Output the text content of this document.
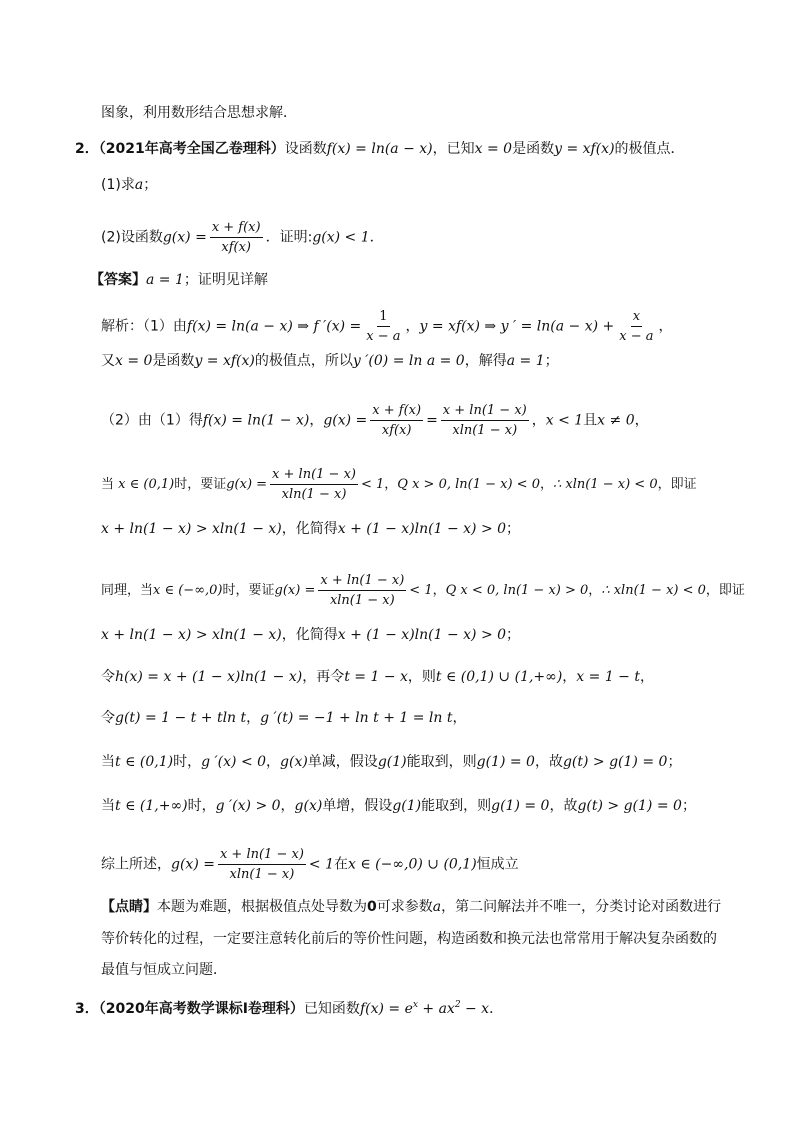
图象，利用数形结合思想求解．
2．（2021年高考全国乙卷理科）设函数f(x) = ln(a − x)，已知x = 0是函数y = xf(x)的极值点．
(1)求a；
(2)设函数$g(x) = \frac{x + f(x)}{xf(x)}$ ．证明:g(x) < 1．
【答案】a = 1；证明见详解
解析：（1）由f(x) = ln(a − x) ⇒ f $'(x) = \frac{1}{x - a}$ ，y = xf(x) ⇒ y ′ = $\ln(a - x) + \frac{x}{x - a}$ ，
又x = 0是函数y = xf(x)的极值点，所以y ′(0) = ln a = 0，解得a = 1；
（2）由（1）得f(x) = ln(1 − x)，$g(x) = \frac{x + f(x)}{xf(x)} = \frac{x + \ln(1 - x)}{xln(1 - x)}$ ，x < 1且x ≠ 0，
当 x ∈ (0,1)时，要证$g(x) = \frac{x + \ln(1 - x)}{xln(1 - x)} < 1$，Q x > 0, ln(1 − x) < 0，∴ xln(1 − x) < 0，即证
x + ln(1 − x) > xln(1 − x)，化简得x + (1 − x)ln(1 − x) > 0；
同理，当x ∈ (−∞,0)时，要证$g(x) = \frac{x + \ln(1 - x)}{xln(1 - x)} < 1$，Q x < 0, ln(1 − x) > 0，∴ xln(1 − x) < 0，即证
x + ln(1 − x) > xln(1 − x)，化简得x + (1 − x)ln(1 − x) > 0；
令h(x) = x + (1 − x)ln(1 − x)，再令t = 1 − x，则t ∈ (0,1) ∪ (1,+∞)，x = 1 − t，
令g(t) = 1 − t + tln t，g ′(t) = −1 + ln t + 1 = ln t，
当t ∈ (0,1)时，g ′(x) < 0，g(x)单减，假设g(1)能取到，则g(1) = 0，故g(t) > g(1) = 0；
当t ∈ (1,+∞)时，g ′(x) > 0，g(x)单增，假设g(1)能取到，则g(1) = 0，故g(t) > g(1) = 0；
综上所述，$g(x) = \frac{x + \ln(1 - x)}{xln(1 - x)} < 1$在x ∈ (−∞,0) ∪ (0,1)恒成立
【点睛】本题为难题，根据极值点处导数为0可求参数a，第二问解法并不唯一，分类讨论对函数进行
等价转化的过程，一定要注意转化前后的等价性问题，构造函数和换元法也常常用于解决复杂函数的
最值与恒成立问题．
3．（2020年高考数学课标Ⅰ卷理科）已知函数$f(x) = e^x + ax^2 - x$．
